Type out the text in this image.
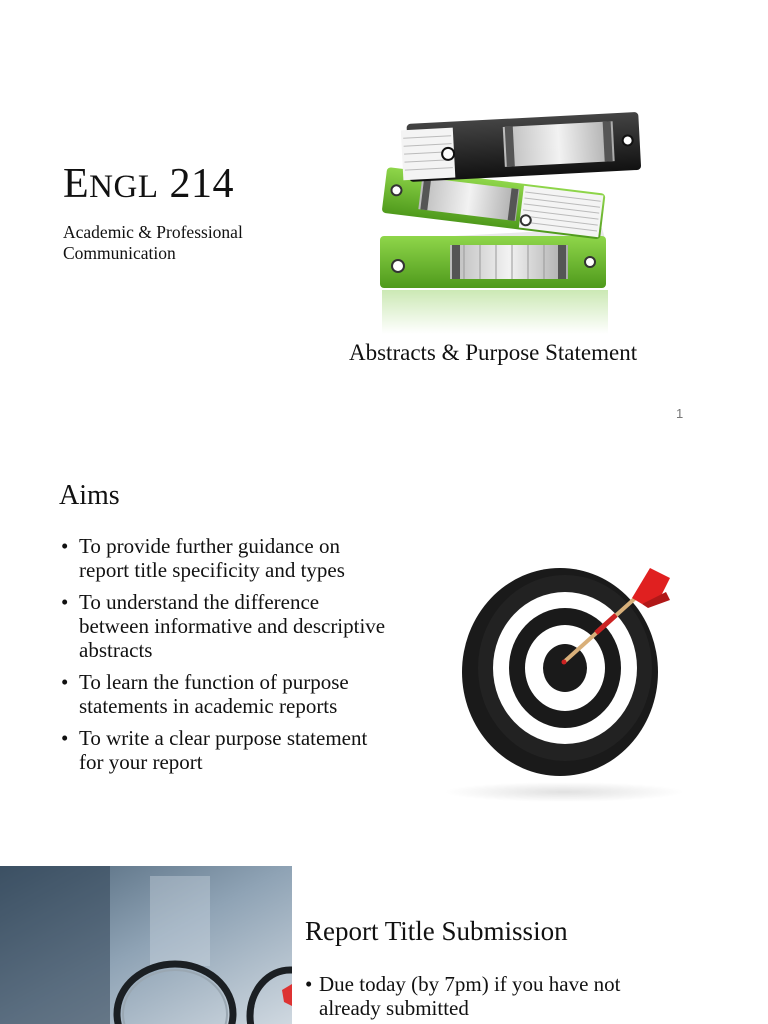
ENGL 214
Academic & Professional
Communication
Abstracts & Purpose Statement
1
Aims
• To provide further guidance on
report title specificity and types
• To understand the difference
between informative and descriptive
abstracts
• To learn the function of purpose
statements in academic reports
• To write a clear purpose statement
for your report
Report Title Submission
• Due today (by 7pm) if you have not
already submitted
